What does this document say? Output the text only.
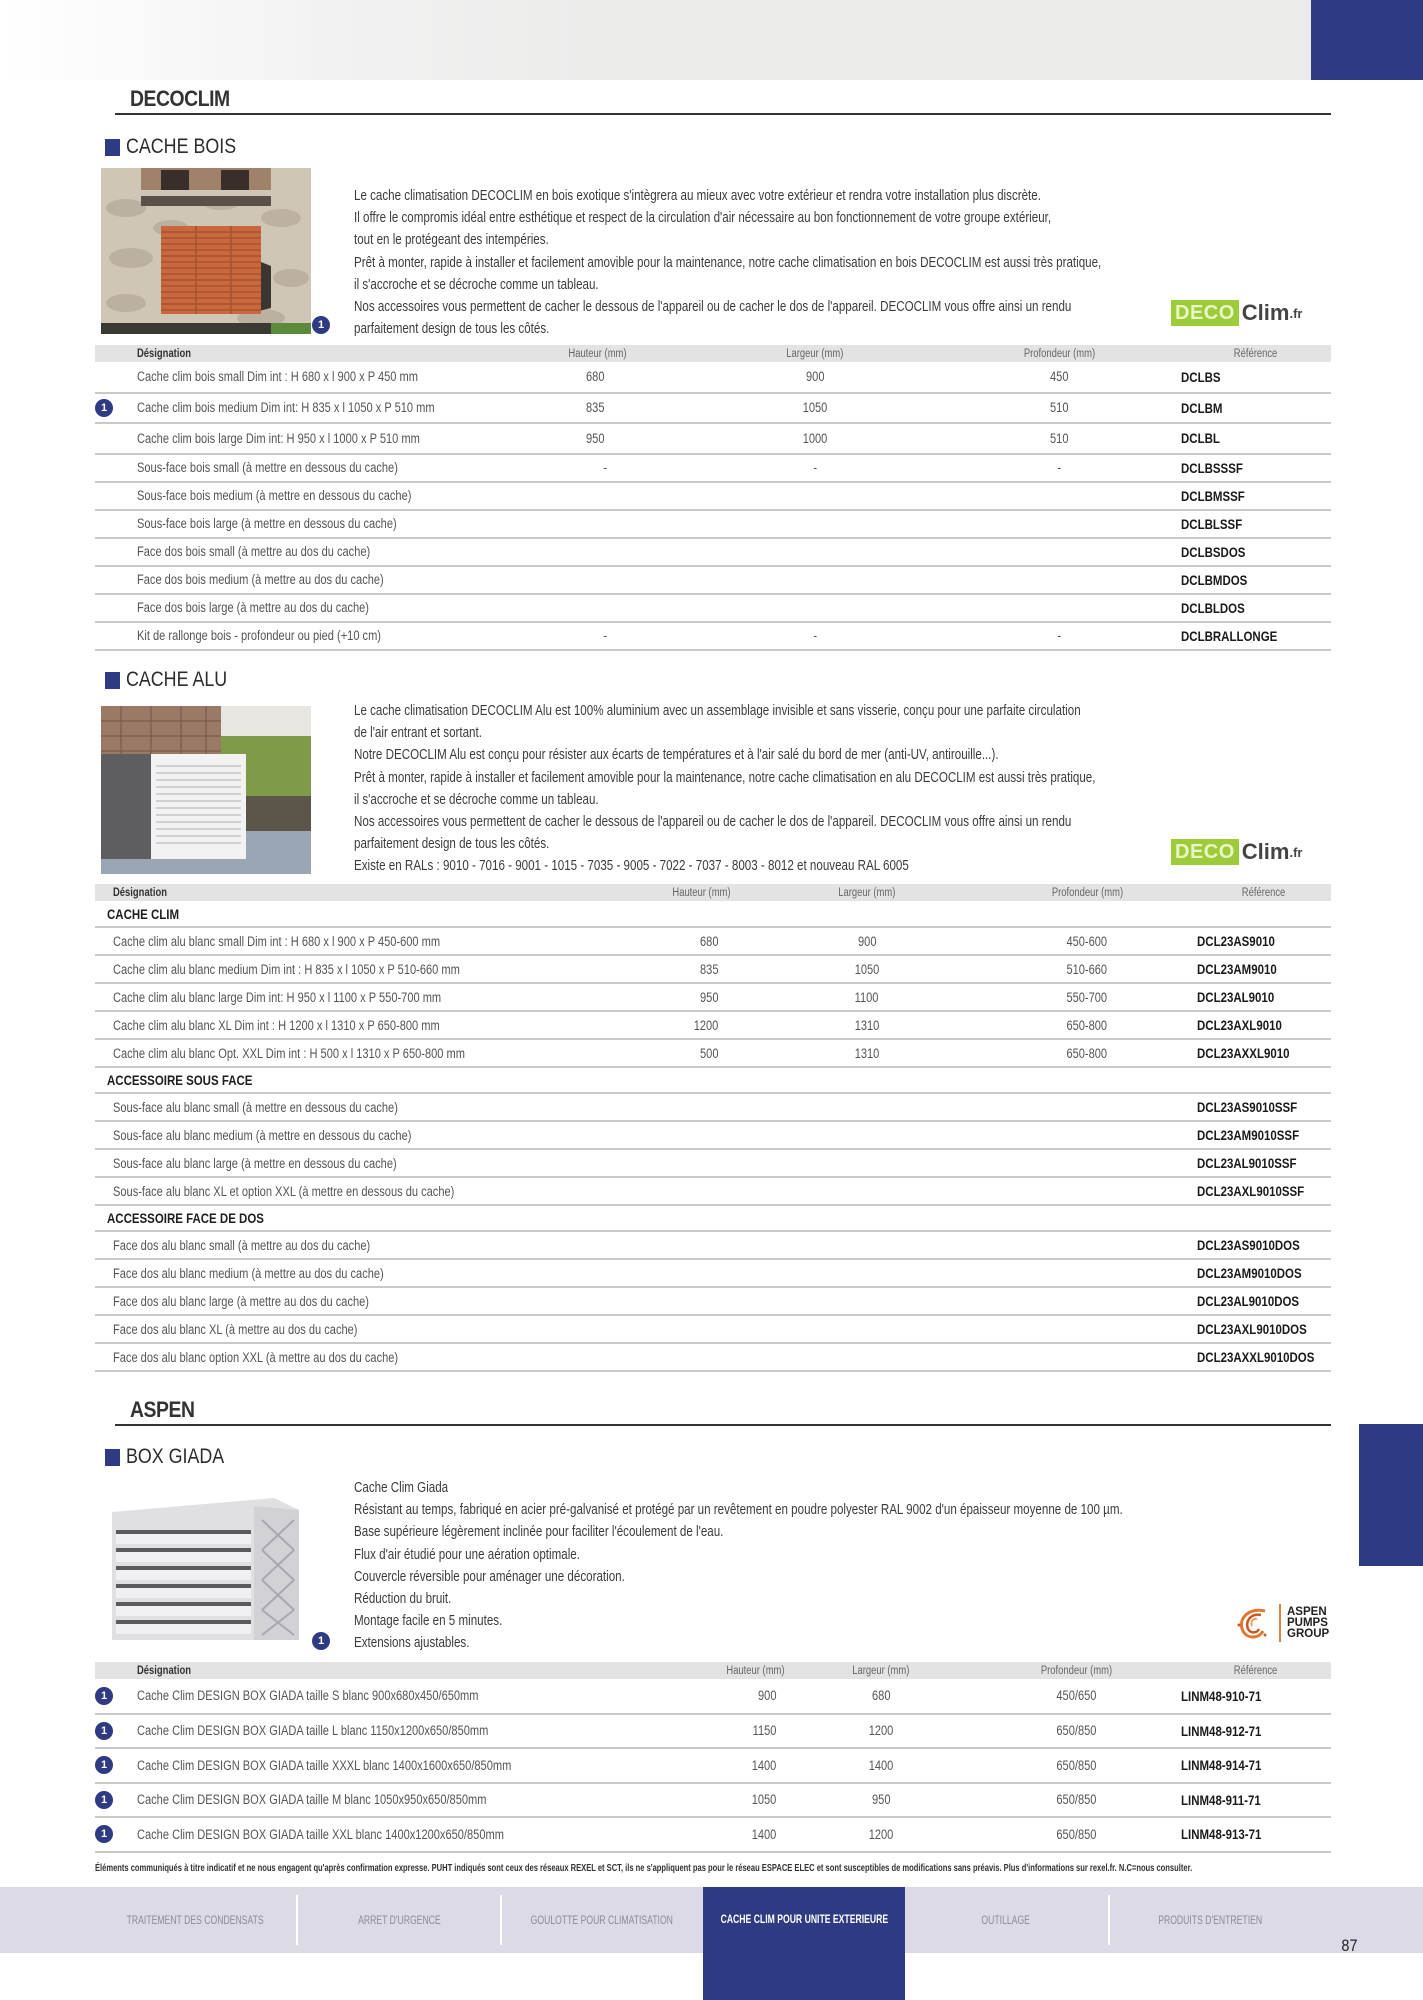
DECOCLIM
CACHE BOIS
1
Le cache climatisation DECOCLIM en bois exotique s'intègrera au mieux avec votre extérieur et rendra votre installation plus discrète.
Il offre le compromis idéal entre esthétique et respect de la circulation d'air nécessaire au bon fonctionnement de votre groupe extérieur,
tout en le protégeant des intempéries.
Prêt à monter, rapide à installer et facilement amovible pour la maintenance, notre cache climatisation en bois DECOCLIM est aussi très pratique,
il s'accroche et se décroche comme un tableau.
Nos accessoires vous permettent de cacher le dessous de l'appareil ou de cacher le dos de l'appareil. DECOCLIM vous offre ainsi un rendu
parfaitement design de tous les côtés.
DECO Clim .fr
	Désignation	Hauteur (mm)	Largeur (mm)	Profondeur (mm)	Référence
	Cache clim bois small Dim int : H 680 x l 900 x P 450 mm	680	900	450	DCLBS
1	Cache clim bois medium Dim int: H 835 x l 1050 x P 510 mm	835	1050	510	DCLBM
	Cache clim bois large Dim int: H 950 x l 1000 x P 510 mm	950	1000	510	DCLBL
	Sous-face bois small (à mettre en dessous du cache)	-	-	-	DCLBSSSF
	Sous-face bois medium (à mettre en dessous du cache)				DCLBMSSF
	Sous-face bois large (à mettre en dessous du cache)				DCLBLSSF
	Face dos bois small (à mettre au dos du cache)				DCLBSDOS
	Face dos bois medium (à mettre au dos du cache)				DCLBMDOS
	Face dos bois large (à mettre au dos du cache)				DCLBLDOS
	Kit de rallonge bois - profondeur ou pied (+10 cm)	-	-	-	DCLBRALLONGE
CACHE ALU
Le cache climatisation DECOCLIM Alu est 100% aluminium avec un assemblage invisible et sans visserie, conçu pour une parfaite circulation
de l'air entrant et sortant.
Notre DECOCLIM Alu est conçu pour résister aux écarts de températures et à l'air salé du bord de mer (anti-UV, antirouille...).
Prêt à monter, rapide à installer et facilement amovible pour la maintenance, notre cache climatisation en alu DECOCLIM est aussi très pratique,
il s'accroche et se décroche comme un tableau.
Nos accessoires vous permettent de cacher le dessous de l'appareil ou de cacher le dos de l'appareil. DECOCLIM vous offre ainsi un rendu
parfaitement design de tous les côtés.
Existe en RALs : 9010 - 7016 - 9001 - 1015 - 7035 - 9005 - 7022 - 7037 - 8003 - 8012 et nouveau RAL 6005
DECO Clim .fr
	Désignation	Hauteur (mm)	Largeur (mm)	Profondeur (mm)	Référence
CACHE CLIM					
	Cache clim alu blanc small Dim int : H 680 x l 900 x P 450-600 mm	680	900	450-600	DCL23AS9010
	Cache clim alu blanc medium Dim int : H 835 x l 1050 x P 510-660 mm	835	1050	510-660	DCL23AM9010
	Cache clim alu blanc large Dim int: H 950 x l 1100 x P 550-700 mm	950	1100	550-700	DCL23AL9010
	Cache clim alu blanc XL Dim int : H 1200 x l 1310 x P 650-800 mm	1200	1310	650-800	DCL23AXL9010
	Cache clim alu blanc Opt. XXL Dim int : H 500 x l 1310 x P 650-800 mm	500	1310	650-800	DCL23AXXL9010
ACCESSOIRE SOUS FACE					
	Sous-face alu blanc small (à mettre en dessous du cache)				DCL23AS9010SSF
	Sous-face alu blanc medium (à mettre en dessous du cache)				DCL23AM9010SSF
	Sous-face alu blanc large (à mettre en dessous du cache)				DCL23AL9010SSF
	Sous-face alu blanc XL et option XXL (à mettre en dessous du cache)				DCL23AXL9010SSF
ACCESSOIRE FACE DE DOS					
	Face dos alu blanc small (à mettre au dos du cache)				DCL23AS9010DOS
	Face dos alu blanc medium (à mettre au dos du cache)				DCL23AM9010DOS
	Face dos alu blanc large (à mettre au dos du cache)				DCL23AL9010DOS
	Face dos alu blanc XL (à mettre au dos du cache)				DCL23AXL9010DOS
	Face dos alu blanc option XXL (à mettre au dos du cache)				DCL23AXXL9010DOS
ASPEN
BOX GIADA
1
Cache Clim Giada
Résistant au temps, fabriqué en acier pré-galvanisé et protégé par un revêtement en poudre polyester RAL 9002 d'un épaisseur moyenne de 100 µm.
Base supérieure légèrement inclinée pour faciliter l'écoulement de l'eau.
Flux d'air étudié pour une aération optimale.
Couvercle réversible pour aménager une décoration.
Réduction du bruit.
Montage facile en 5 minutes.
Extensions ajustables.
ASPEN
PUMPS
GROUP
	Désignation	Hauteur (mm)	Largeur (mm)	Profondeur (mm)	Référence
1	Cache Clim DESIGN BOX GIADA taille S blanc 900x680x450/650mm	900	680	450/650	LINM48-910-71
1	Cache Clim DESIGN BOX GIADA taille L blanc 1150x1200x650/850mm	1150	1200	650/850	LINM48-912-71
1	Cache Clim DESIGN BOX GIADA taille XXXL blanc 1400x1600x650/850mm	1400	1400	650/850	LINM48-914-71
1	Cache Clim DESIGN BOX GIADA taille M blanc 1050x950x650/850mm	1050	950	650/850	LINM48-911-71
1	Cache Clim DESIGN BOX GIADA taille XXL blanc 1400x1200x650/850mm	1400	1200	650/850	LINM48-913-71
Éléments communiqués à titre indicatif et ne nous engagent qu'après confirmation expresse. PUHT indiqués sont ceux des réseaux REXEL et SCT, ils ne s'appliquent pas pour le réseau ESPACE ELEC et sont susceptibles de modifications sans préavis. Plus d'informations sur rexel.fr. N.C=nous consulter.
TRAITEMENT DES CONDENSATS	ARRET D'URGENCE	GOULOTTE POUR CLIMATISATION	CACHE CLIM POUR UNITE EXTERIEURE	OUTILLAGE	PRODUITS D'ENTRETIEN
87
